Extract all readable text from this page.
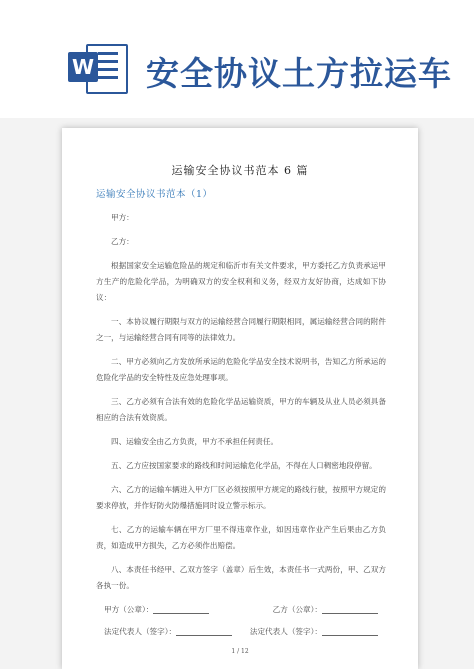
W 安全协议土方拉运车
运输安全协议书范本 6 篇
运输安全协议书范本（1）

甲方：

乙方：

根据国家安全运输危险品的规定和临沂市有关文件要求，甲方委托乙方负责承运甲方生产的危险化学品，为明确双方的安全权利和义务，经双方友好协商，达成如下协议：

一、本协议履行期限与双方的运输经营合同履行期限相同，属运输经营合同的附件之一，与运输经营合同有同等的法律效力。

二、甲方必须向乙方发放所承运的危险化学品安全技术说明书，告知乙方所承运的危险化学品的安全特性及应急处理事项。

三、乙方必须有合法有效的危险化学品运输资质，甲方的车辆及从业人员必须具备相应的合法有效资质。

四、运输安全由乙方负责，甲方不承担任何责任。

五、乙方应按国家要求的路线和时间运输危化学品，不得在人口稠密地段停留。

六、乙方的运输车辆进入甲方厂区必须按照甲方规定的路线行驶，按照甲方规定的要求停放，并作好防火防爆措施同时设立警示标示。

七、乙方的运输车辆在甲方厂里不得违章作业，如因违章作业产生后果由乙方负责，如造成甲方损失，乙方必须作出赔偿。

八、本责任书经甲、乙双方签字（盖章）后生效，本责任书一式两份，甲、乙双方各执一份。

甲方（公章）：	乙方（公章）：
法定代表人（签字）：	法定代表人（签字）：
1 / 12
